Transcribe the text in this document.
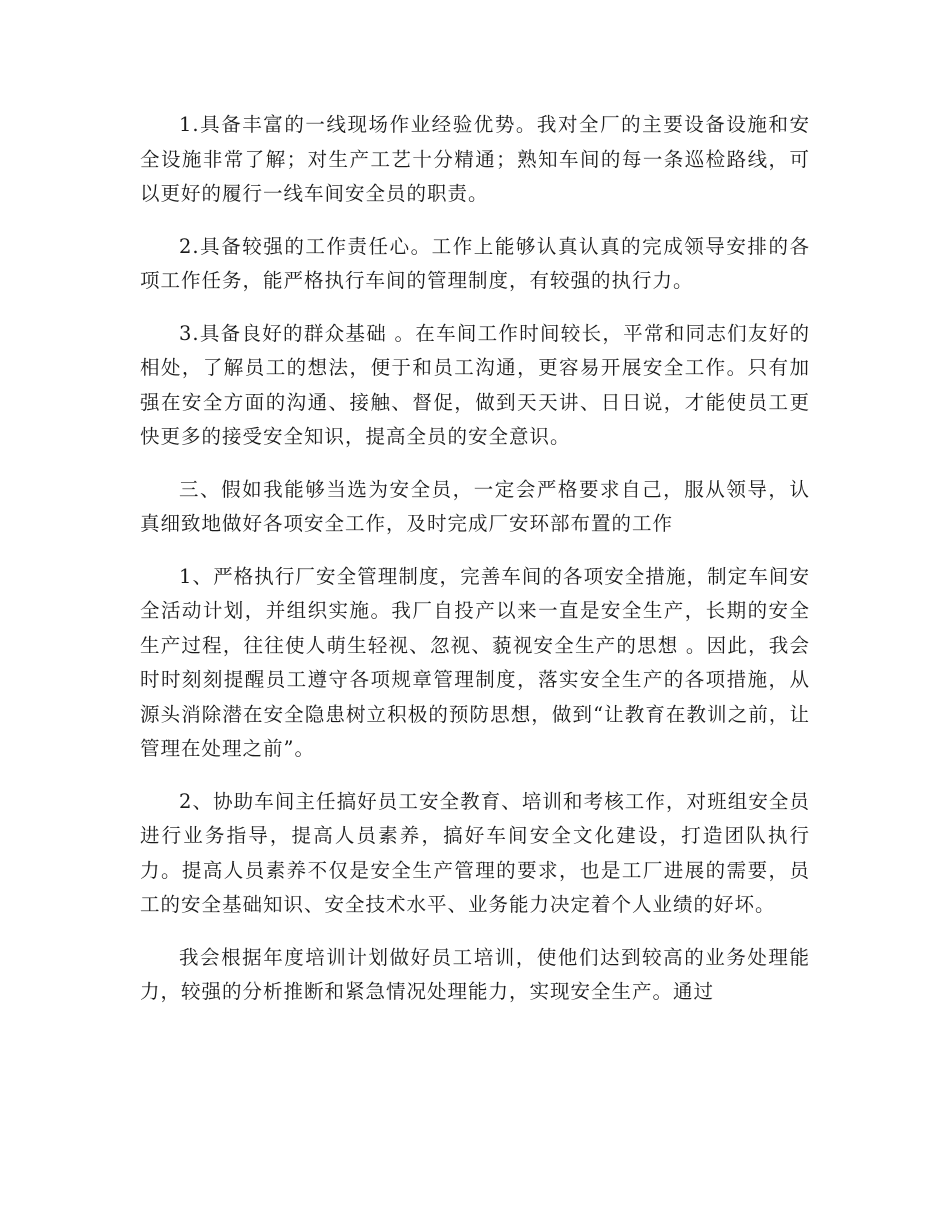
1.具备丰富的一线现场作业经验优势。我对全厂的主要设备设施和安全设施非常了解；对生产工艺十分精通；熟知车间的每一条巡检路线，可以更好的履行一线车间安全员的职责。

2.具备较强的工作责任心。工作上能够认真认真的完成领导安排的各项工作任务，能严格执行车间的管理制度，有较强的执行力。

3.具备良好的群众基础 。在车间工作时间较长，平常和同志们友好的相处，了解员工的想法，便于和员工沟通，更容易开展安全工作。只有加强在安全方面的沟通、接触、督促，做到天天讲、日日说，才能使员工更快更多的接受安全知识，提高全员的安全意识。

三、假如我能够当选为安全员，一定会严格要求自己，服从领导，认真细致地做好各项安全工作，及时完成厂安环部布置的工作

1、严格执行厂安全管理制度，完善车间的各项安全措施，制定车间安全活动计划，并组织实施。我厂自投产以来一直是安全生产，长期的安全生产过程，往往使人萌生轻视、忽视、藐视安全生产的思想 。因此，我会时时刻刻提醒员工遵守各项规章管理制度，落实安全生产的各项措施，从源头消除潜在安全隐患树立积极的预防思想，做到“让教育在教训之前，让管理在处理之前”。

2、协助车间主任搞好员工安全教育、培训和考核工作，对班组安全员进行业务指导，提高人员素养，搞好车间安全文化建设，打造团队执行力。提高人员素养不仅是安全生产管理的要求，也是工厂进展的需要，员工的安全基础知识、安全技术水平、业务能力决定着个人业绩的好坏。

我会根据年度培训计划做好员工培训，使他们达到较高的业务处理能力，较强的分析推断和紧急情况处理能力，实现安全生产。通过
